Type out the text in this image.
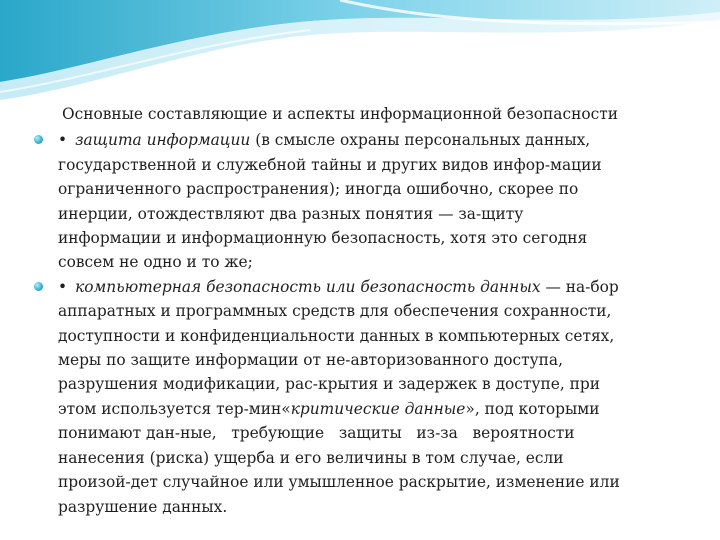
Основные составляющие и аспекты информационной безопасности
• защита информации (в смысле охраны персональных данных,
государственной и служебной тайны и других видов инфор-мации
ограниченного распространения); иногда ошибочно, скорее по
инерции, отождествляют два разных понятия — за-щиту
информации и информационную безопасность, хотя это сегодня
совсем не одно и то же;
• компьютерная безопасность или безопасность данных — на-бор
аппаратных и программных средств для обеспечения сохранности,
доступности и конфиденциальности данных в компьютерных сетях,
меры по защите информации от не-авторизованного доступа,
разрушения модификации, рас-крытия и задержек в доступе, при
этом используется тер-мин«критические данные», под которыми
понимают дан-ные,   требующие   защиты   из-за   вероятности
нанесения (риска) ущерба и его величины в том случае, если
произой-дет случайное или умышленное раскрытие, изменение или
разрушение данных.
